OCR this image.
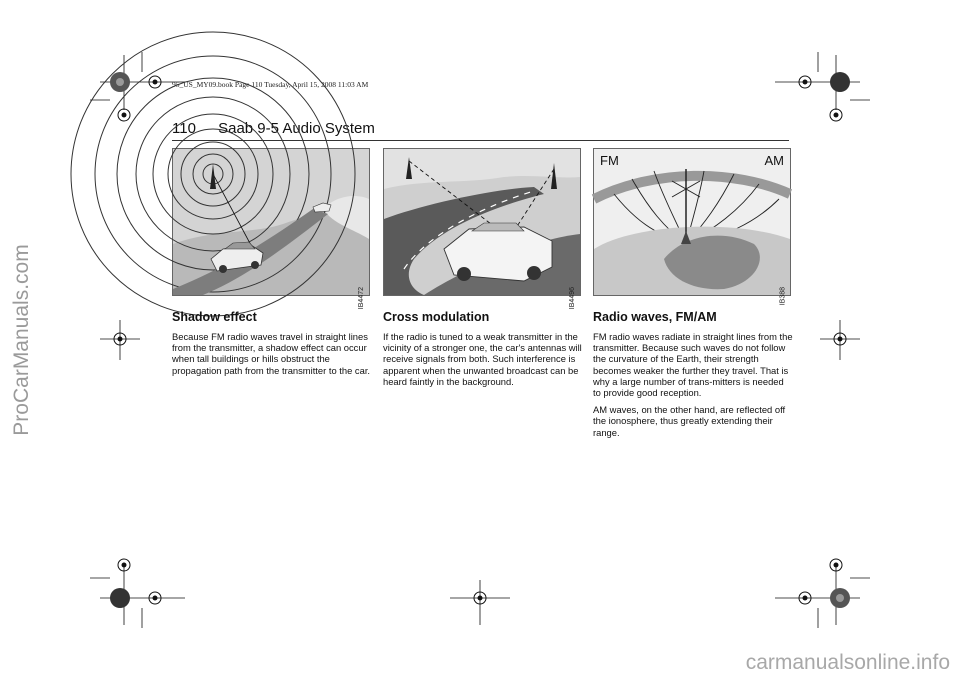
ProCarManuals.com
carmanualsonline.info
95_US_MY09.book Page 110 Tuesday, April 15, 2008 11:03 AM
110 Saab 9-5 Audio System
IB4472	IB4496
FM	AM
IB388
Shadow effect

Because FM radio waves travel in straight lines from the transmitter, a shadow effect can occur when tall buildings or hills obstruct the propagation path from the transmitter to the car.

Cross modulation

If the radio is tuned to a weak transmitter in the vicinity of a stronger one, the car's antennas will receive signals from both. Such interference is apparent when the unwanted broadcast can be heard faintly in the background.

Radio waves, FM/AM

FM radio waves radiate in straight lines from the transmitter. Because such waves do not follow the curvature of the Earth, their strength becomes weaker the further they travel. That is why a large number of trans-mitters is needed to provide good reception.

AM waves, on the other hand, are reflected off the ionosphere, thus greatly extending their range.
